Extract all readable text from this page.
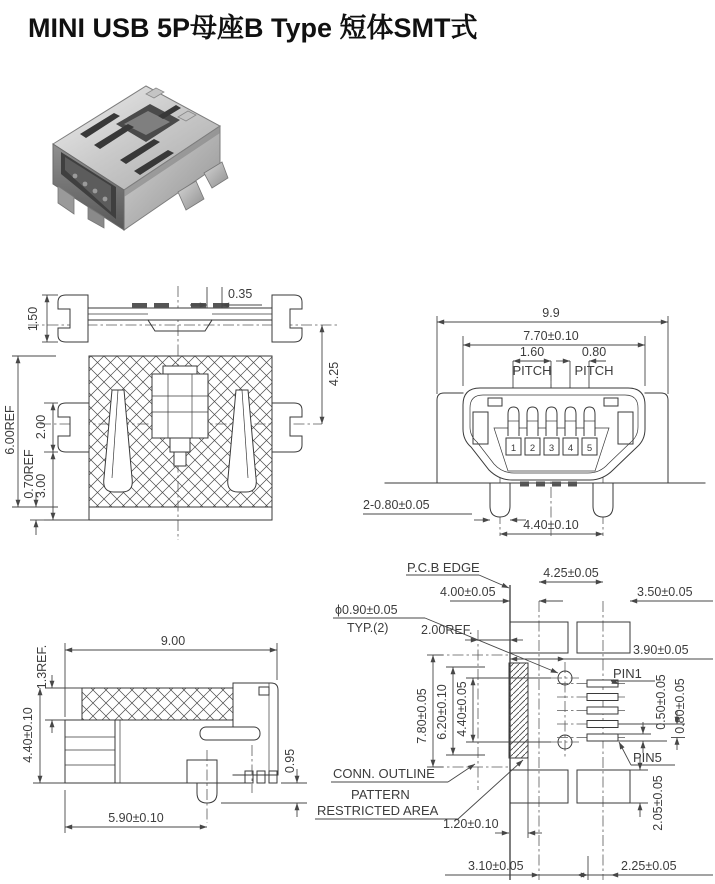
MINI USB 5P母座B Type 短体SMT式
0.35
1.50
6.00REF 2.00
3.00
0.70REF
4.25
9.9
7.70±0.10
1.60	0.80
PITCH PITCH
1 2 3 4 5
2-0.80±0.05
4.40±0.10
9.00
1.3REF.
4.40±0.10	0.95
5.90±0.10
P.C.B EDGE	4.25±0.05
4.00±0.05	3.50±0.05
ϕ0.90±0.05
TYP.(2)	2.00REF.
3.90±0.05
PIN1
PIN5
0.50±0.05 0.80±0.05
7.80±0.05 6.20±0.10 4.40±0.05
CONN. OUTLINE
PATTERN
RESTRICTED AREA
1.20±0.10	2.05±0.05
3.10±0.05	2.25±0.05
